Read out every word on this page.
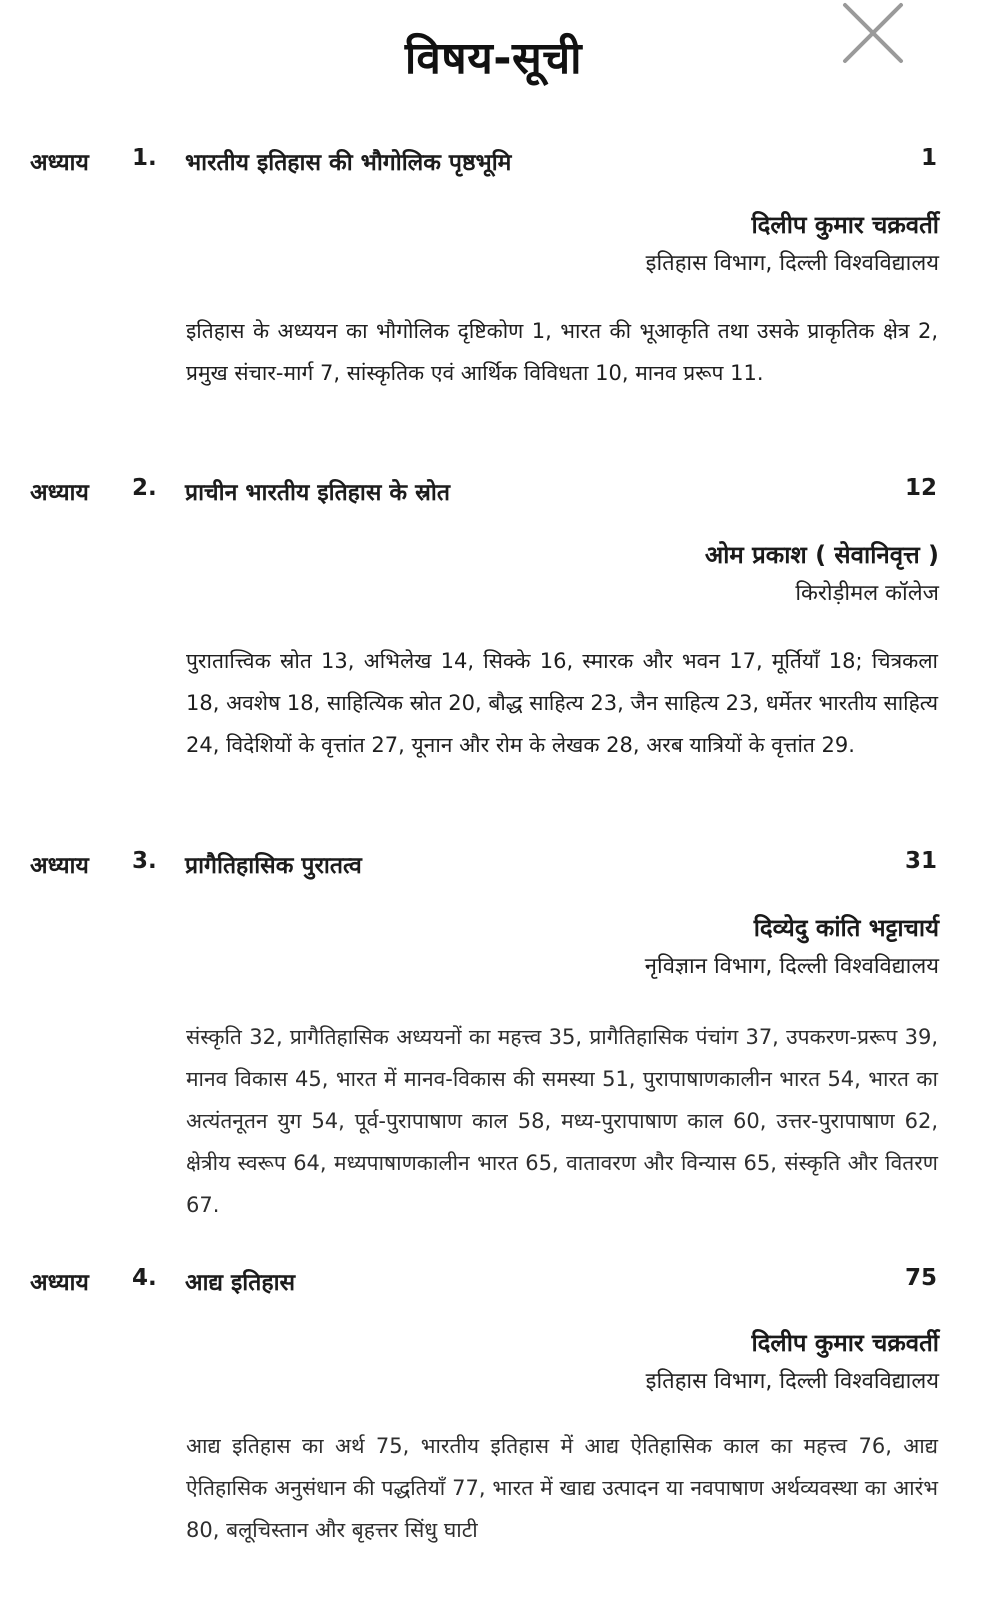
विषय-सूची
अध्याय 1. भारतीय इतिहास की भौगोलिक पृष्ठभूमि	1
दिलीप कुमार चक्रवर्ती
इतिहास विभाग, दिल्ली विश्वविद्यालय
इतिहास के अध्ययन का भौगोलिक दृष्टिकोण 1, भारत की भूआकृति तथा उसके प्राकृतिक क्षेत्र 2, प्रमुख संचार-मार्ग 7, सांस्कृतिक एवं आर्थिक विविधता 10, मानव प्ररूप 11.
अध्याय 2. प्राचीन भारतीय इतिहास के स्रोत	12
ओम प्रकाश ( सेवानिवृत्त )
किरोड़ीमल कॉलेज
पुरातात्त्विक स्रोत 13, अभिलेख 14, सिक्के 16, स्मारक और भवन 17, मूर्तियाँ 18; चित्रकला 18, अवशेष 18, साहित्यिक स्रोत 20, बौद्ध साहित्य 23, जैन साहित्य 23, धर्मेतर भारतीय साहित्य 24, विदेशियों के वृत्तांत 27, यूनान और रोम के लेखक 28, अरब यात्रियों के वृत्तांत 29.
अध्याय 3. प्रागैतिहासिक पुरातत्व	31
दिव्येदु कांति भट्टाचार्य
नृविज्ञान विभाग, दिल्ली विश्वविद्यालय
संस्कृति 32, प्रागैतिहासिक अध्ययनों का महत्त्व 35, प्रागैतिहासिक पंचांग 37, उपकरण-प्ररूप 39, मानव विकास 45, भारत में मानव-विकास की समस्या 51, पुरापाषाणकालीन भारत 54, भारत का अत्यंतनूतन युग 54, पूर्व-पुरापाषाण काल 58, मध्य-पुरापाषाण काल 60, उत्तर-पुरापाषाण 62, क्षेत्रीय स्वरूप 64, मध्यपाषाणकालीन भारत 65, वातावरण और विन्यास 65, संस्कृति और वितरण 67.
अध्याय 4. आद्य इतिहास	75
दिलीप कुमार चक्रवर्ती
इतिहास विभाग, दिल्ली विश्वविद्यालय
आद्य इतिहास का अर्थ 75, भारतीय इतिहास में आद्य ऐतिहासिक काल का महत्त्व 76, आद्य ऐतिहासिक अनुसंधान की पद्धतियाँ 77, भारत में खाद्य उत्पादन या नवपाषाण अर्थव्यवस्था का आरंभ 80, बलूचिस्तान और बृहत्तर सिंधु घाटी
